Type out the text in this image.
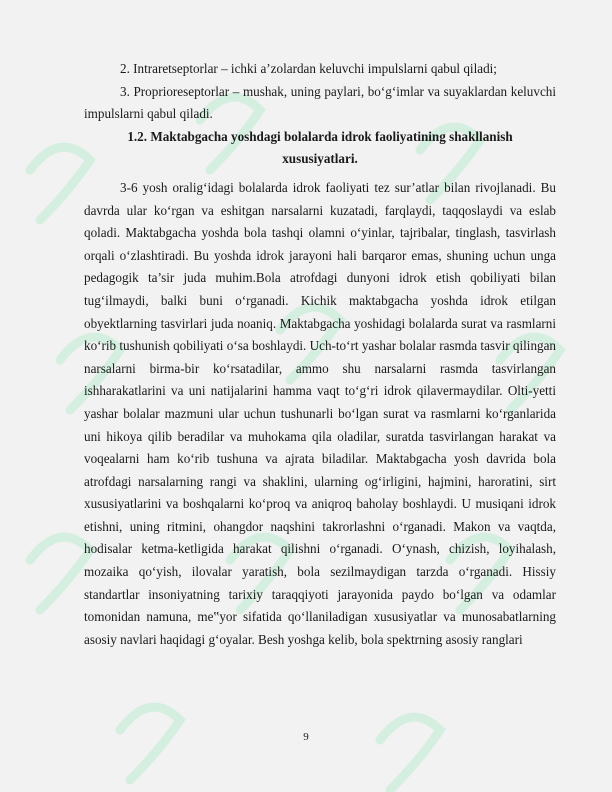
2. Intraretseptorlar – ichki a’zolardan keluvchi impulslarni qabul qiladi;

3. Proprioreseptorlar – mushak, uning paylari, bo‘g‘imlar va suyaklardan keluvchi impulslarni qabul qiladi.

1.2. Maktabgacha yoshdagi bolalarda idrok faoliyatining shakllanish xususiyatlari.

3-6 yosh oralig‘idagi bolalarda idrok faoliyati tez sur’atlar bilan rivojlanadi. Bu davrda ular ko‘rgan va eshitgan narsalarni kuzatadi, farqlaydi, taqqoslaydi va eslab qoladi. Maktabgacha yoshda bola tashqi olamni o‘yinlar, tajribalar, tinglash, tasvirlash orqali o‘zlashtiradi. Bu yoshda idrok jarayoni hali barqaror emas, shuning uchun unga pedagogik ta’sir juda muhim.Bola atrofdagi dunyoni idrok etish qobiliyati bilan tug‘ilmaydi, balki buni o‘rganadi. Kichik maktabgacha yoshda idrok etilgan obyektlarning tasvirlari juda noaniq. Maktabgacha yoshidagi bolalarda surat va rasmlarni ko‘rib tushunish qobiliyati o‘sa boshlaydi. Uch-to‘rt yashar bolalar rasmda tasvir qilingan narsalarni birma-bir ko‘rsatadilar, ammo shu narsalarni rasmda tasvirlangan ishharakatlarini va uni natijalarini hamma vaqt to‘g‘ri idrok qilavermaydilar. Olti-yetti yashar bolalar mazmuni ular uchun tushunarli bo‘lgan surat va rasmlarni ko‘rganlarida uni hikoya qilib beradilar va muhokama qila oladilar, suratda tasvirlangan harakat va voqealarni ham ko‘rib tushuna va ajrata biladilar. Maktabgacha yosh davrida bola atrofdagi narsalarning rangi va shaklini, ularning og‘irligini, hajmini, haroratini, sirt xususiyatlarini va boshqalarni ko‘proq va aniqroq baholay boshlaydi. U musiqani idrok etishni, uning ritmini, ohangdor naqshini takrorlashni o‘rganadi. Makon va vaqtda, hodisalar ketma-ketligida harakat qilishni o‘rganadi. O‘ynash, chizish, loyihalash, mozaika qo‘yish, ilovalar yaratish, bola sezilmaydigan tarzda o‘rganadi. Hissiy standartlar insoniyatning tarixiy taraqqiyoti jarayonida paydo bo‘lgan va odamlar tomonidan namuna, me‟yor sifatida qo‘llaniladigan xususiyatlar va munosabatlarning asosiy navlari haqidagi g‘oyalar. Besh yoshga kelib, bola spektrning asosiy ranglari

9
